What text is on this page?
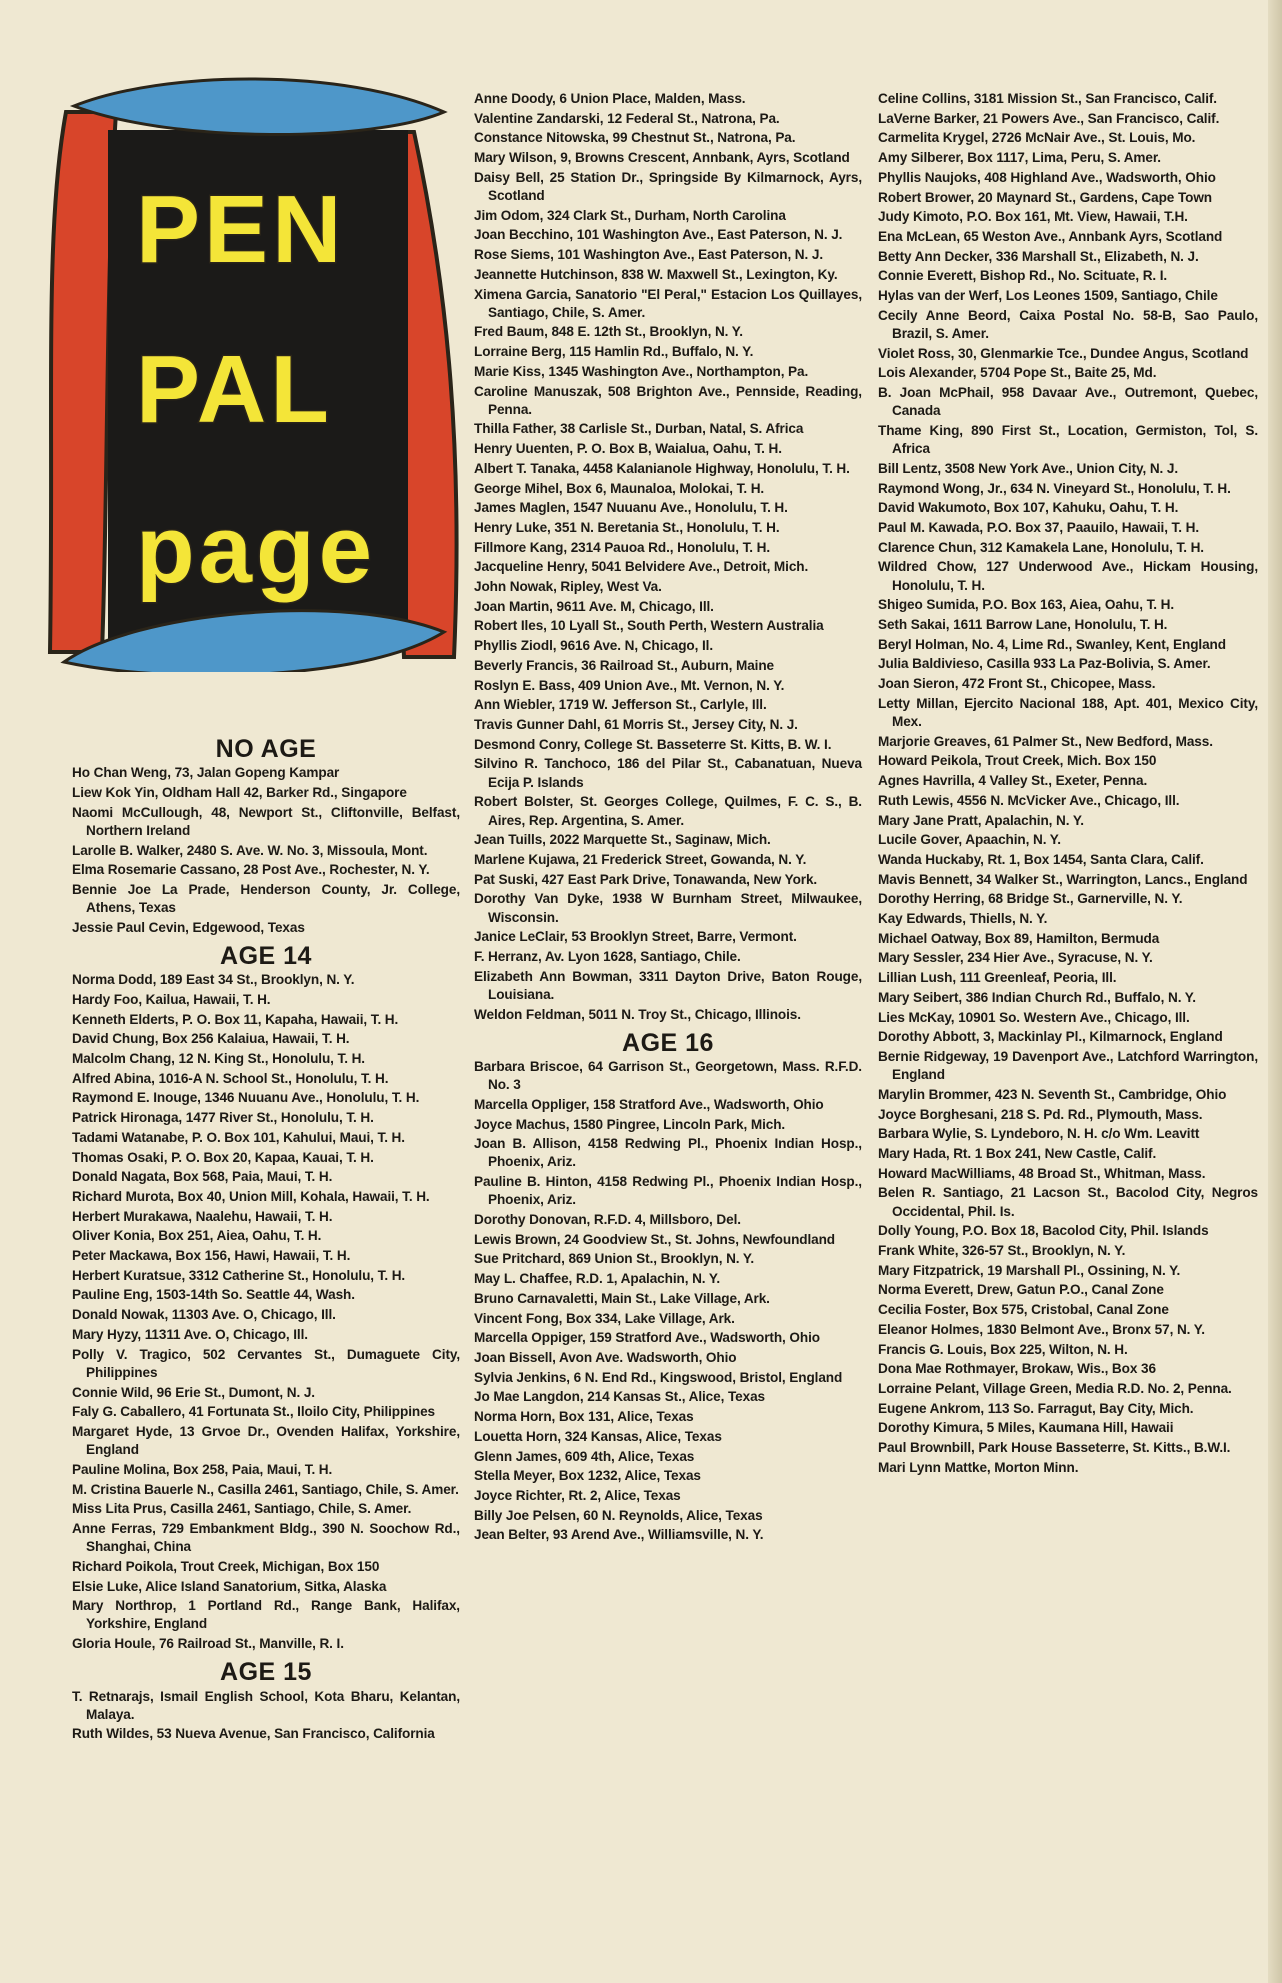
PEN
PAL
page
NO AGE

Ho Chan Weng, 73, Jalan Gopeng Kampar

Liew Kok Yin, Oldham Hall 42, Barker Rd., Singapore

Naomi McCullough, 48, Newport St., Cliftonville, Belfast, Northern Ireland

Larolle B. Walker, 2480 S. Ave. W. No. 3, Missoula, Mont.

Elma Rosemarie Cassano, 28 Post Ave., Rochester, N. Y.

Bennie Joe La Prade, Henderson County, Jr. College, Athens, Texas

Jessie Paul Cevin, Edgewood, Texas

AGE 14

Norma Dodd, 189 East 34 St., Brooklyn, N. Y.

Hardy Foo, Kailua, Hawaii, T. H.

Kenneth Elderts, P. O. Box 11, Kapaha, Hawaii, T. H.

David Chung, Box 256 Kalaiua, Hawaii, T. H.

Malcolm Chang, 12 N. King St., Honolulu, T. H.

Alfred Abina, 1016-A N. School St., Honolulu, T. H.

Raymond E. Inouge, 1346 Nuuanu Ave., Honolulu, T. H.

Patrick Hironaga, 1477 River St., Honolulu, T. H.

Tadami Watanabe, P. O. Box 101, Kahului, Maui, T. H.

Thomas Osaki, P. O. Box 20, Kapaa, Kauai, T. H.

Donald Nagata, Box 568, Paia, Maui, T. H.

Richard Murota, Box 40, Union Mill, Kohala, Hawaii, T. H.

Herbert Murakawa, Naalehu, Hawaii, T. H.

Oliver Konia, Box 251, Aiea, Oahu, T. H.

Peter Mackawa, Box 156, Hawi, Hawaii, T. H.

Herbert Kuratsue, 3312 Catherine St., Honolulu, T. H.

Pauline Eng, 1503-14th So. Seattle 44, Wash.

Donald Nowak, 11303 Ave. O, Chicago, Ill.

Mary Hyzy, 11311 Ave. O, Chicago, Ill.

Polly V. Tragico, 502 Cervantes St., Dumaguete City, Philippines

Connie Wild, 96 Erie St., Dumont, N. J.

Faly G. Caballero, 41 Fortunata St., Iloilo City, Philippines

Margaret Hyde, 13 Grvoe Dr., Ovenden Halifax, Yorkshire, England

Pauline Molina, Box 258, Paia, Maui, T. H.

M. Cristina Bauerle N., Casilla 2461, Santiago, Chile, S. Amer.

Miss Lita Prus, Casilla 2461, Santiago, Chile, S. Amer.

Anne Ferras, 729 Embankment Bldg., 390 N. Soochow Rd., Shanghai, China

Richard Poikola, Trout Creek, Michigan, Box 150

Elsie Luke, Alice Island Sanatorium, Sitka, Alaska

Mary Northrop, 1 Portland Rd., Range Bank, Halifax, Yorkshire, England

Gloria Houle, 76 Railroad St., Manville, R. I.

AGE 15

T. Retnarajs, Ismail English School, Kota Bharu, Kelantan, Malaya.

Ruth Wildes, 53 Nueva Avenue, San Francisco, California

Anne Doody, 6 Union Place, Malden, Mass.

Valentine Zandarski, 12 Federal St., Natrona, Pa.

Constance Nitowska, 99 Chestnut St., Natrona, Pa.

Mary Wilson, 9, Browns Crescent, Annbank, Ayrs, Scotland

Daisy Bell, 25 Station Dr., Springside By Kilmarnock, Ayrs, Scotland

Jim Odom, 324 Clark St., Durham, North Carolina

Joan Becchino, 101 Washington Ave., East Paterson, N. J.

Rose Siems, 101 Washington Ave., East Paterson, N. J.

Jeannette Hutchinson, 838 W. Maxwell St., Lexington, Ky.

Ximena Garcia, Sanatorio "El Peral," Estacion Los Quillayes, Santiago, Chile, S. Amer.

Fred Baum, 848 E. 12th St., Brooklyn, N. Y.

Lorraine Berg, 115 Hamlin Rd., Buffalo, N. Y.

Marie Kiss, 1345 Washington Ave., Northampton, Pa.

Caroline Manuszak, 508 Brighton Ave., Pennside, Reading, Penna.

Thilla Father, 38 Carlisle St., Durban, Natal, S. Africa

Henry Uuenten, P. O. Box B, Waialua, Oahu, T. H.

Albert T. Tanaka, 4458 Kalanianole Highway, Honolulu, T. H.

George Mihel, Box 6, Maunaloa, Molokai, T. H.

James Maglen, 1547 Nuuanu Ave., Honolulu, T. H.

Henry Luke, 351 N. Beretania St., Honolulu, T. H.

Fillmore Kang, 2314 Pauoa Rd., Honolulu, T. H.

Jacqueline Henry, 5041 Belvidere Ave., Detroit, Mich.

John Nowak, Ripley, West Va.

Joan Martin, 9611 Ave. M, Chicago, Ill.

Robert Iles, 10 Lyall St., South Perth, Western Australia

Phyllis Ziodl, 9616 Ave. N, Chicago, Il.

Beverly Francis, 36 Railroad St., Auburn, Maine

Roslyn E. Bass, 409 Union Ave., Mt. Vernon, N. Y.

Ann Wiebler, 1719 W. Jefferson St., Carlyle, Ill.

Travis Gunner Dahl, 61 Morris St., Jersey City, N. J.

Desmond Conry, College St. Basseterre St. Kitts, B. W. I.

Silvino R. Tanchoco, 186 del Pilar St., Cabanatuan, Nueva Ecija P. Islands

Robert Bolster, St. Georges College, Quilmes, F. C. S., B. Aires, Rep. Argentina, S. Amer.

Jean Tuills, 2022 Marquette St., Saginaw, Mich.

Marlene Kujawa, 21 Frederick Street, Gowanda, N. Y.

Pat Suski, 427 East Park Drive, Tonawanda, New York.

Dorothy Van Dyke, 1938 W Burnham Street, Milwaukee, Wisconsin.

Janice LeClair, 53 Brooklyn Street, Barre, Vermont.

F. Herranz, Av. Lyon 1628, Santiago, Chile.

Elizabeth Ann Bowman, 3311 Dayton Drive, Baton Rouge, Louisiana.

Weldon Feldman, 5011 N. Troy St., Chicago, Illinois.

AGE 16

Barbara Briscoe, 64 Garrison St., Georgetown, Mass. R.F.D. No. 3

Marcella Oppliger, 158 Stratford Ave., Wadsworth, Ohio

Joyce Machus, 1580 Pingree, Lincoln Park, Mich.

Joan B. Allison, 4158 Redwing Pl., Phoenix Indian Hosp., Phoenix, Ariz.

Pauline B. Hinton, 4158 Redwing Pl., Phoenix Indian Hosp., Phoenix, Ariz.

Dorothy Donovan, R.F.D. 4, Millsboro, Del.

Lewis Brown, 24 Goodview St., St. Johns, Newfoundland

Sue Pritchard, 869 Union St., Brooklyn, N. Y.

May L. Chaffee, R.D. 1, Apalachin, N. Y.

Bruno Carnavaletti, Main St., Lake Village, Ark.

Vincent Fong, Box 334, Lake Village, Ark.

Marcella Oppiger, 159 Stratford Ave., Wadsworth, Ohio

Joan Bissell, Avon Ave. Wadsworth, Ohio

Sylvia Jenkins, 6 N. End Rd., Kingswood, Bristol, England

Jo Mae Langdon, 214 Kansas St., Alice, Texas

Norma Horn, Box 131, Alice, Texas

Louetta Horn, 324 Kansas, Alice, Texas

Glenn James, 609 4th, Alice, Texas

Stella Meyer, Box 1232, Alice, Texas

Joyce Richter, Rt. 2, Alice, Texas

Billy Joe Pelsen, 60 N. Reynolds, Alice, Texas

Jean Belter, 93 Arend Ave., Williamsville, N. Y.

Celine Collins, 3181 Mission St., San Francisco, Calif.

LaVerne Barker, 21 Powers Ave., San Francisco, Calif.

Carmelita Krygel, 2726 McNair Ave., St. Louis, Mo.

Amy Silberer, Box 1117, Lima, Peru, S. Amer.

Phyllis Naujoks, 408 Highland Ave., Wadsworth, Ohio

Robert Brower, 20 Maynard St., Gardens, Cape Town

Judy Kimoto, P.O. Box 161, Mt. View, Hawaii, T.H.

Ena McLean, 65 Weston Ave., Annbank Ayrs, Scotland

Betty Ann Decker, 336 Marshall St., Elizabeth, N. J.

Connie Everett, Bishop Rd., No. Scituate, R. I.

Hylas van der Werf, Los Leones 1509, Santiago, Chile

Cecily Anne Beord, Caixa Postal No. 58-B, Sao Paulo, Brazil, S. Amer.

Violet Ross, 30, Glenmarkie Tce., Dundee Angus, Scotland

Lois Alexander, 5704 Pope St., Baite 25, Md.

B. Joan McPhail, 958 Davaar Ave., Outremont, Quebec, Canada

Thame King, 890 First St., Location, Germiston, Tol, S. Africa

Bill Lentz, 3508 New York Ave., Union City, N. J.

Raymond Wong, Jr., 634 N. Vineyard St., Honolulu, T. H.

David Wakumoto, Box 107, Kahuku, Oahu, T. H.

Paul M. Kawada, P.O. Box 37, Paauilo, Hawaii, T. H.

Clarence Chun, 312 Kamakela Lane, Honolulu, T. H.

Wildred Chow, 127 Underwood Ave., Hickam Housing, Honolulu, T. H.

Shigeo Sumida, P.O. Box 163, Aiea, Oahu, T. H.

Seth Sakai, 1611 Barrow Lane, Honolulu, T. H.

Beryl Holman, No. 4, Lime Rd., Swanley, Kent, England

Julia Baldivieso, Casilla 933 La Paz-Bolivia, S. Amer.

Joan Sieron, 472 Front St., Chicopee, Mass.

Letty Millan, Ejercito Nacional 188, Apt. 401, Mexico City, Mex.

Marjorie Greaves, 61 Palmer St., New Bedford, Mass.

Howard Peikola, Trout Creek, Mich. Box 150

Agnes Havrilla, 4 Valley St., Exeter, Penna.

Ruth Lewis, 4556 N. McVicker Ave., Chicago, Ill.

Mary Jane Pratt, Apalachin, N. Y.

Lucile Gover, Apaachin, N. Y.

Wanda Huckaby, Rt. 1, Box 1454, Santa Clara, Calif.

Mavis Bennett, 34 Walker St., Warrington, Lancs., England

Dorothy Herring, 68 Bridge St., Garnerville, N. Y.

Kay Edwards, Thiells, N. Y.

Michael Oatway, Box 89, Hamilton, Bermuda

Mary Sessler, 234 Hier Ave., Syracuse, N. Y.

Lillian Lush, 111 Greenleaf, Peoria, Ill.

Mary Seibert, 386 Indian Church Rd., Buffalo, N. Y.

Lies McKay, 10901 So. Western Ave., Chicago, Ill.

Dorothy Abbott, 3, Mackinlay Pl., Kilmarnock, England

Bernie Ridgeway, 19 Davenport Ave., Latchford Warrington, England

Marylin Brommer, 423 N. Seventh St., Cambridge, Ohio

Joyce Borghesani, 218 S. Pd. Rd., Plymouth, Mass.

Barbara Wylie, S. Lyndeboro, N. H. c/o Wm. Leavitt

Mary Hada, Rt. 1 Box 241, New Castle, Calif.

Howard MacWilliams, 48 Broad St., Whitman, Mass.

Belen R. Santiago, 21 Lacson St., Bacolod City, Negros Occidental, Phil. Is.

Dolly Young, P.O. Box 18, Bacolod City, Phil. Islands

Frank White, 326-57 St., Brooklyn, N. Y.

Mary Fitzpatrick, 19 Marshall Pl., Ossining, N. Y.

Norma Everett, Drew, Gatun P.O., Canal Zone

Cecilia Foster, Box 575, Cristobal, Canal Zone

Eleanor Holmes, 1830 Belmont Ave., Bronx 57, N. Y.

Francis G. Louis, Box 225, Wilton, N. H.

Dona Mae Rothmayer, Brokaw, Wis., Box 36

Lorraine Pelant, Village Green, Media R.D. No. 2, Penna.

Eugene Ankrom, 113 So. Farragut, Bay City, Mich.

Dorothy Kimura, 5 Miles, Kaumana Hill, Hawaii

Paul Brownbill, Park House Basseterre, St. Kitts., B.W.I.

Mari Lynn Mattke, Morton Minn.
